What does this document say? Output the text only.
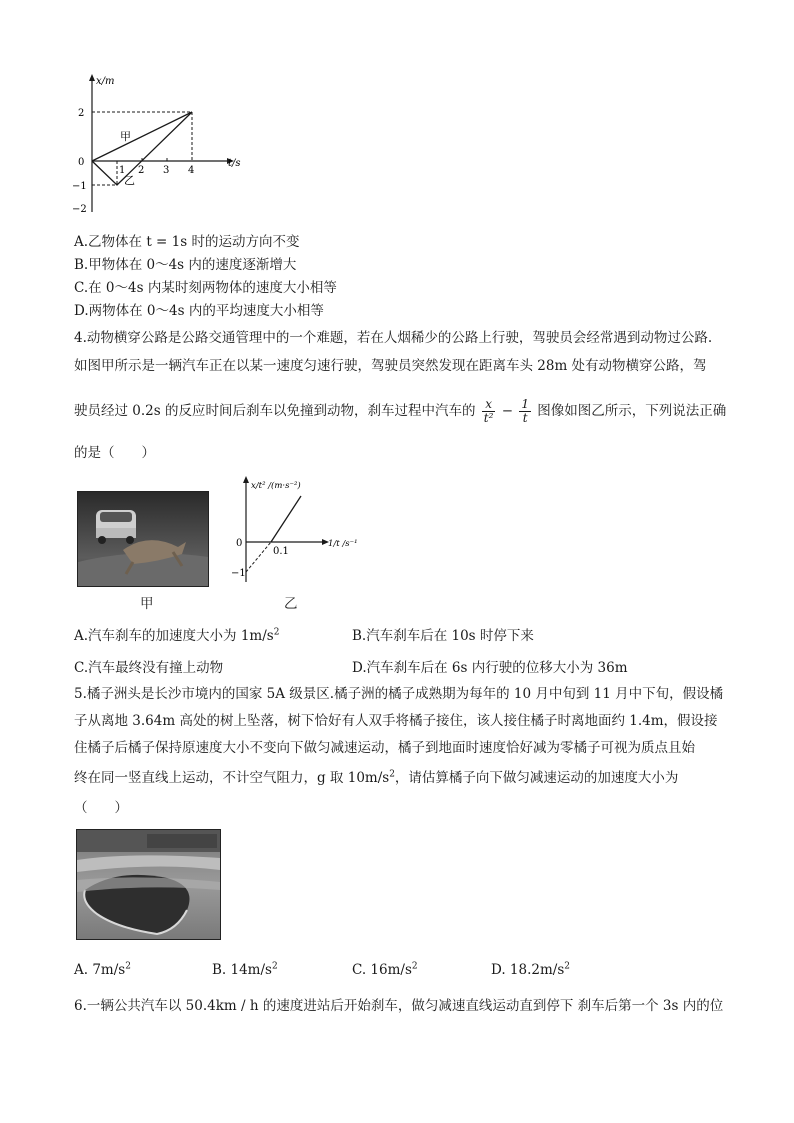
x/m
t/s
2
0
−1
−2
1 2 3 4
甲
乙
A.乙物体在 t = 1s 时的运动方向不变
B.甲物体在 0～4s 内的速度逐渐增大
C.在 0～4s 内某时刻两物体的速度大小相等
D.两物体在 0～4s 内的平均速度大小相等
4.动物横穿公路是公路交通管理中的一个难题，若在人烟稀少的公路上行驶，驾驶员会经常遇到动物过公路.
如图甲所示是一辆汽车正在以某一速度匀速行驶，驾驶员突然发现在距离车头 28m 处有动物横穿公路，驾
驶员经过 0.2s 的反应时间后刹车以免撞到动物，刹车过程中汽车的 $\frac{x}{\text{t²}} - \frac{1}{t}$ 图像如图乙所示，下列说法正确
的是（　　）
甲
x/t² /(m·s⁻²)
1/t /s⁻¹
0
0.1
−1
乙
A.汽车刹车的加速度大小为 $1m/s^2$	B.汽车刹车后在 10s 时停下来
C.汽车最终没有撞上动物	D.汽车刹车后在 6s 内行驶的位移大小为 36m
5.橘子洲头是长沙市境内的国家 5A 级景区.橘子洲的橘子成熟期为每年的 10 月中旬到 11 月中下旬，假设橘
子从离地 3.64m 高处的树上坠落，树下恰好有人双手将橘子接住，该人接住橘子时离地面约 1.4m，假设接
住橘子后橘子保持原速度大小不变向下做匀减速运动，橘子到地面时速度恰好减为零橘子可视为质点且始
终在同一竖直线上运动，不计空气阻力，g 取 $10m/s^2$，请估算橘子向下做匀减速运动的加速度大小为
（　　）
A. $7m/s^2$	B. $14m/s^2$	C. $16m/s^2$	D. $18.2m/s^2$
6.一辆公共汽车以 50.4km / h 的速度进站后开始刹车，做匀减速直线运动直到停下 刹车后第一个 3s 内的位
